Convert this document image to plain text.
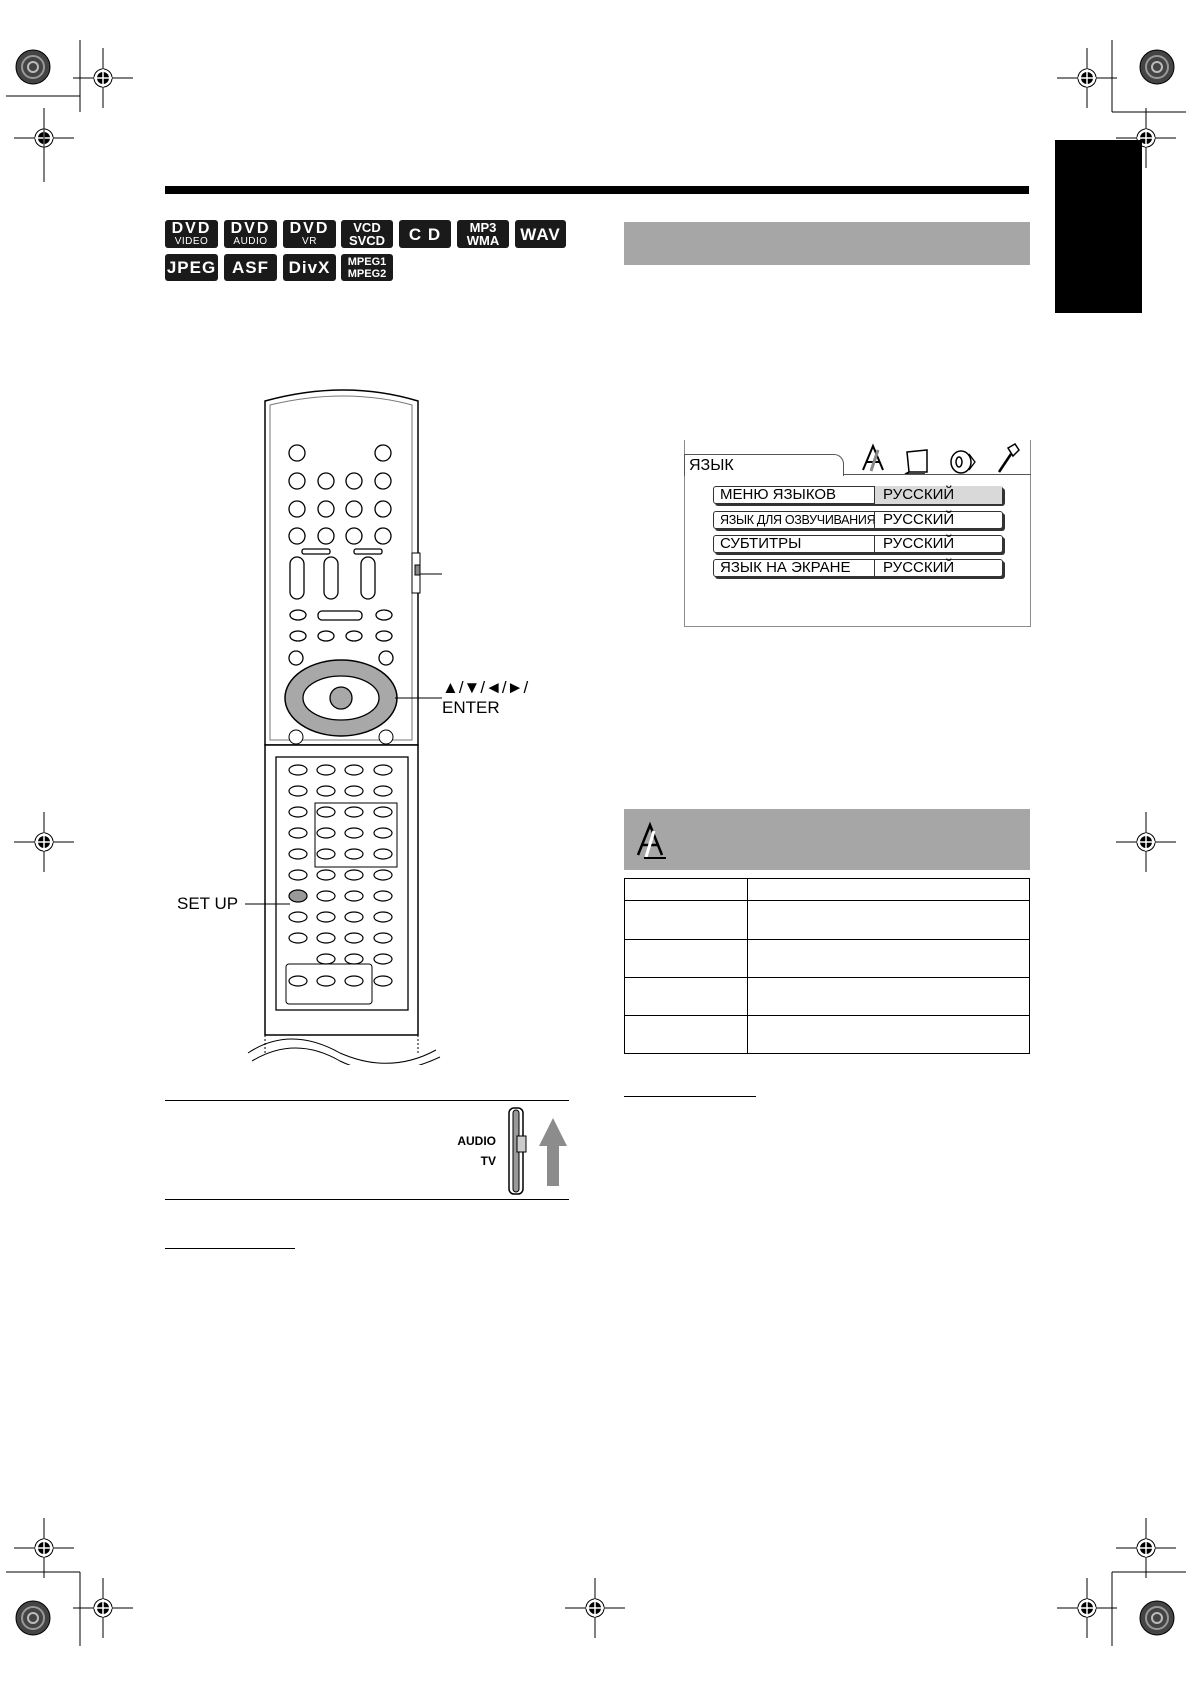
DVD
VIDEO
DVD
AUDIO
DVD
VR
VCD
SVCD C D MP3
WMA WAV
JPEG ASF DivX MPEG1
MPEG2
▲/▼/◄/►/
ENTER
SET UP
AUDIO
TV
ЯЗЫК
МЕНЮ ЯЗЫКОВ	РУССКИЙ
ЯЗЫК ДЛЯ ОЗВУЧИВАНИЯ РУССКИЙ
СУБТИТРЫ	РУССКИЙ
ЯЗЫК НА ЭКРАНЕ	РУССКИЙ
